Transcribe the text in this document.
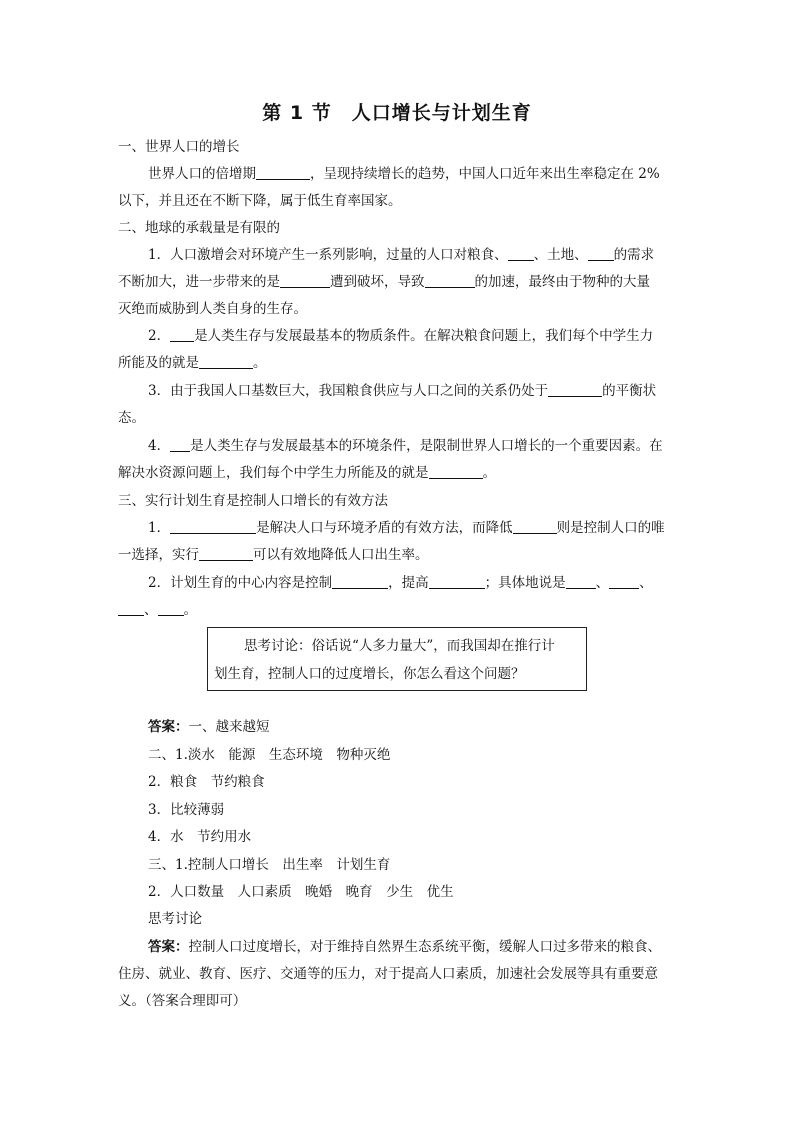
第 1 节　人口增长与计划生育
一、世界人口的增长
世界人口的倍增期	，呈现持续增长的趋势，中国人口近年来出生率稳定在 2%
以下，并且还在不断下降，属于低生育率国家。
二、地球的承载量是有限的
1．人口激增会对环境产生一系列影响，过量的人口对粮食、 、土地、 的需求
不断加大，进一步带来的是	遭到破坏，导致	的加速，最终由于物种的大量
灭绝而威胁到人类自身的生存。
2． 是人类生存与发展最基本的物质条件。在解决粮食问题上，我们每个中学生力
所能及的就是	。
3．由于我国人口基数巨大，我国粮食供应与人口之间的关系仍处于	的平衡状
态。
4． 是人类生存与发展最基本的环境条件，是限制世界人口增长的一个重要因素。在
解决水资源问题上，我们每个中学生力所能及的就是	。
三、实行计划生育是控制人口增长的有效方法
1．	是解决人口与环境矛盾的有效方法，而降低	则是控制人口的唯
一选择，实行	可以有效地降低人口出生率。
2．计划生育的中心内容是控制	，提高	；具体地说是 、 、
、 。
思考讨论：俗话说“人多力量大”，而我国却在推行计
划生育，控制人口的过度增长，你怎么看这个问题？
答案：一、越来越短
二、1.淡水　能源　生态环境　物种灭绝
2．粮食　节约粮食
3．比较薄弱
4．水　节约用水
三、1.控制人口增长　出生率　计划生育
2．人口数量　人口素质　晚婚　晚育　少生　优生
思考讨论
答案：控制人口过度增长，对于维持自然界生态系统平衡，缓解人口过多带来的粮食、
住房、就业、教育、医疗、交通等的压力，对于提高人口素质，加速社会发展等具有重要意
义。（答案合理即可）
